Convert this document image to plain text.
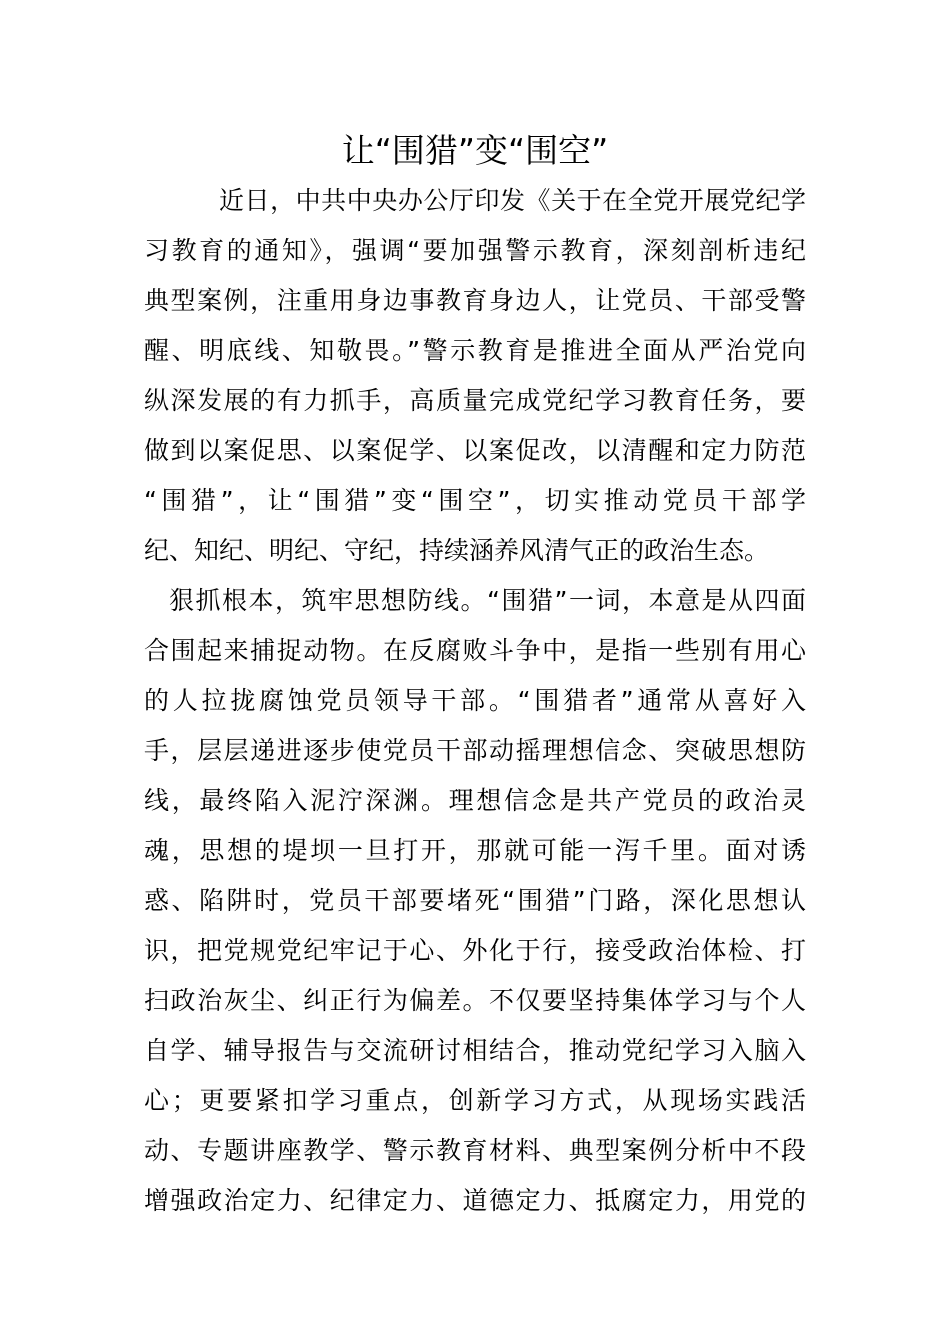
让“围猎”变“围空”
近日，中共中央办公厅印发《关于在全党开展党纪学
习教育的通知》，强调“要加强警示教育，深刻剖析违纪
典型案例，注重用身边事教育身边人，让党员、干部受警
醒、明底线、知敬畏。”警示教育是推进全面从严治党向
纵深发展的有力抓手，高质量完成党纪学习教育任务，要
做到以案促思、以案促学、以案促改，以清醒和定力防范
“围猎”，让“围猎”变“围空”，切实推动党员干部学
纪、知纪、明纪、守纪，持续涵养风清气正的政治生态。
狠抓根本，筑牢思想防线。“围猎”一词，本意是从四面
合围起来捕捉动物。在反腐败斗争中，是指一些别有用心
的人拉拢腐蚀党员领导干部。“围猎者”通常从喜好入
手，层层递进逐步使党员干部动摇理想信念、突破思想防
线，最终陷入泥泞深渊。理想信念是共产党员的政治灵
魂，思想的堤坝一旦打开，那就可能一泻千里。面对诱
惑、陷阱时，党员干部要堵死“围猎”门路，深化思想认
识，把党规党纪牢记于心、外化于行，接受政治体检、打
扫政治灰尘、纠正行为偏差。不仅要坚持集体学习与个人
自学、辅导报告与交流研讨相结合，推动党纪学习入脑入
心；更要紧扣学习重点，创新学习方式，从现场实践活
动、专题讲座教学、警示教育材料、典型案例分析中不段
增强政治定力、纪律定力、道德定力、抵腐定力，用党的
